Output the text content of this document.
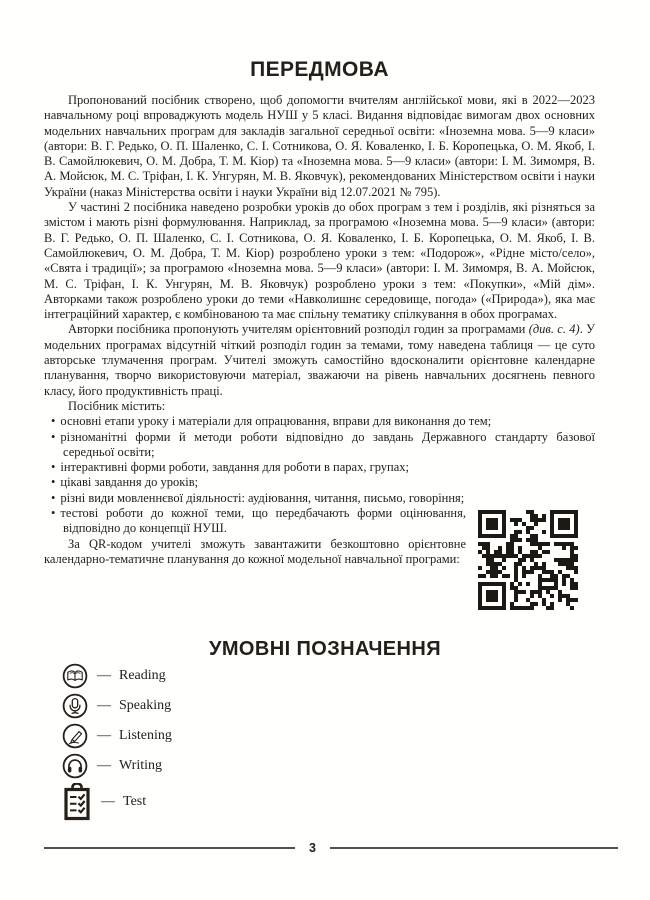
ПЕРЕДМОВА

Пропонований посібник створено, щоб допомогти вчителям англійської мови, які в 2022—2023 навчальному році впроваджують модель НУШ у 5 класі. Видання відповідає вимогам двох основних модельних навчальних програм для закладів загальної середньої освіти: «Іноземна мова. 5—9 класи» (автори: В. Г. Редько, О. П. Шаленко, С. І. Сотникова, О. Я. Коваленко, І. Б. Коропецька, О. М. Якоб, І. В. Самойлюкевич, О. М. Добра, Т. М. Кіор) та «Іноземна мова. 5—9 класи» (автори: І. М. Зимомря, В. А. Мойсюк, М. С. Тріфан, І. К. Унгурян, М. В. Яковчук), рекомендованих Міністерством освіти і науки України (наказ Міністерства освіти і науки України від 12.07.2021 № 795).

У частині 2 посібника наведено розробки уроків до обох програм з тем і розділів, які різняться за змістом і мають різні формулювання. Наприклад, за програмою «Іноземна мова. 5—9 класи» (автори: В. Г. Редько, О. П. Шаленко, С. І. Сотникова, О. Я. Коваленко, І. Б. Коропецька, О. М. Якоб, І. В. Самойлюкевич, О. М. Добра, Т. М. Кіор) розроблено уроки з тем: «Подорож», «Рідне місто/село», «Свята і традиції»; за програмою «Іноземна мова. 5—9 класи» (автори: І. М. Зимомря, В. А. Мойсюк, М. С. Тріфан, І. К. Унгурян, М. В. Яковчук) розроблено уроки з тем: «Покупки», «Мій дім». Авторками також розроблено уроки до теми «Навколишнє середовище, погода» («Природа»), яка має інтеграційний характер, є комбінованою та має спільну тематику спілкування в обох програмах.

Авторки посібника пропонують учителям орієнтовний розподіл годин за програмами (див. с. 4). У модельних програмах відсутній чіткий розподіл годин за темами, тому наведена таблиця — це суто авторське тлумачення програм. Учителі зможуть самостійно вдосконалити орієнтовне календарне планування, творчо використовуючи матеріал, зважаючи на рівень навчальних досягнень певного класу, його продуктивність праці.

Посібник містить:

• основні етапи уроку і матеріали для опрацювання, вправи для виконання до тем;
• різноманітні форми й методи роботи відповідно до завдань Державного стандарту базової середньої освіти;
• інтерактивні форми роботи, завдання для роботи в парах, групах;
• цікаві завдання до уроків;
• різні види мовленнєвої діяльності: аудіювання, читання, письмо, говоріння;
• тестові роботи до кожної теми, що передбачають форми оцінювання, відповідно до концепції НУШ.

За QR-кодом учителі зможуть завантажити безкоштовно орієнтовне календарно-тематичне планування до кожної модельної навчальної програми:

УМОВНІ ПОЗНАЧЕННЯ
— Reading
— Speaking
— Listening
— Writing
— Test
3
